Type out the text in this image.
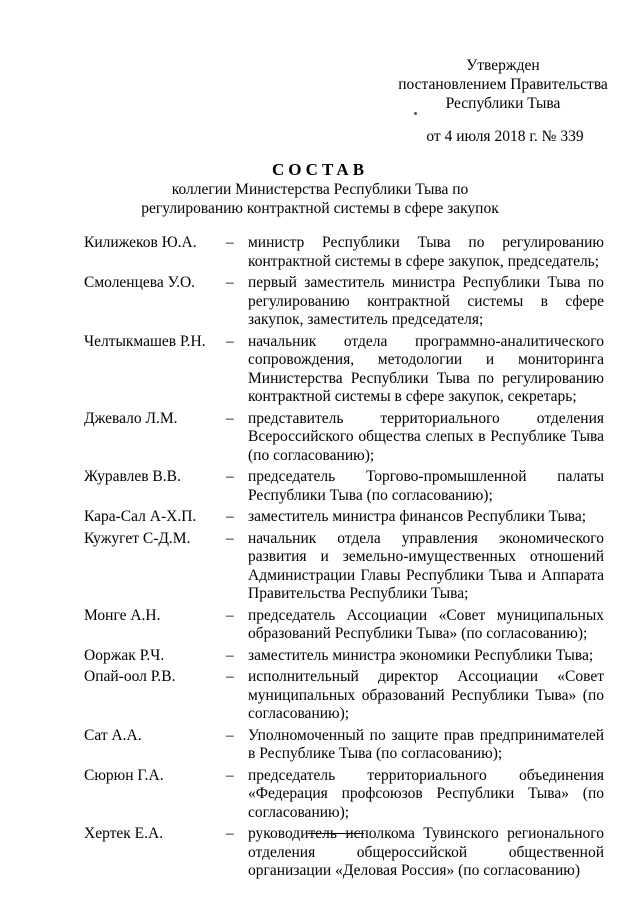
Утвержден
постановлением Правительства
Республики Тыва
от 4 июля 2018 г. № 339
СОСТАВ
коллегии Министерства Республики Тыва по
регулированию контрактной системы в сфере закупок
Килижеков Ю.А.	– министр Республики Тыва по регулированию контрактной системы в сфере закупок, председатель;
Смоленцева У.О.	– первый заместитель министра Республики Тыва по регулированию контрактной системы в сфере закупок, заместитель председателя;
Челтыкмашев Р.Н.	– начальник отдела программно-аналитического сопровождения, методологии и мониторинга Министерства Республики Тыва по регулированию контрактной системы в сфере закупок, секретарь;
Джевало Л.М.	– представитель территориального отделения Всероссийского общества слепых в Республике Тыва (по согласованию);
Журавлев В.В.	– председатель Торгово-промышленной палаты Республики Тыва (по согласованию);
Кара-Сал А-Х.П.	– заместитель министра финансов Республики Тыва;
Кужугет С-Д.М.	– начальник отдела управления экономического развития и земельно-имущественных отношений Администрации Главы Республики Тыва и Аппарата Правительства Республики Тыва;
Монге А.Н.	– председатель Ассоциации «Совет муниципальных образований Республики Тыва» (по согласованию);
Ооржак Р.Ч.	– заместитель министра экономики Республики Тыва;
Опай-оол Р.В.	– исполнительный директор Ассоциации «Совет муниципальных образований Республики Тыва» (по согласованию);
Сат А.А.	– Уполномоченный по защите прав предпринимателей в Республике Тыва (по согласованию);
Сюрюн Г.А.	– председатель территориального объединения «Федерация профсоюзов Республики Тыва» (по согласованию);
Хертек Е.А.	– руководитель исполкома Тувинского регионального отделения общероссийской общественной организации «Деловая Россия» (по согласованию)
